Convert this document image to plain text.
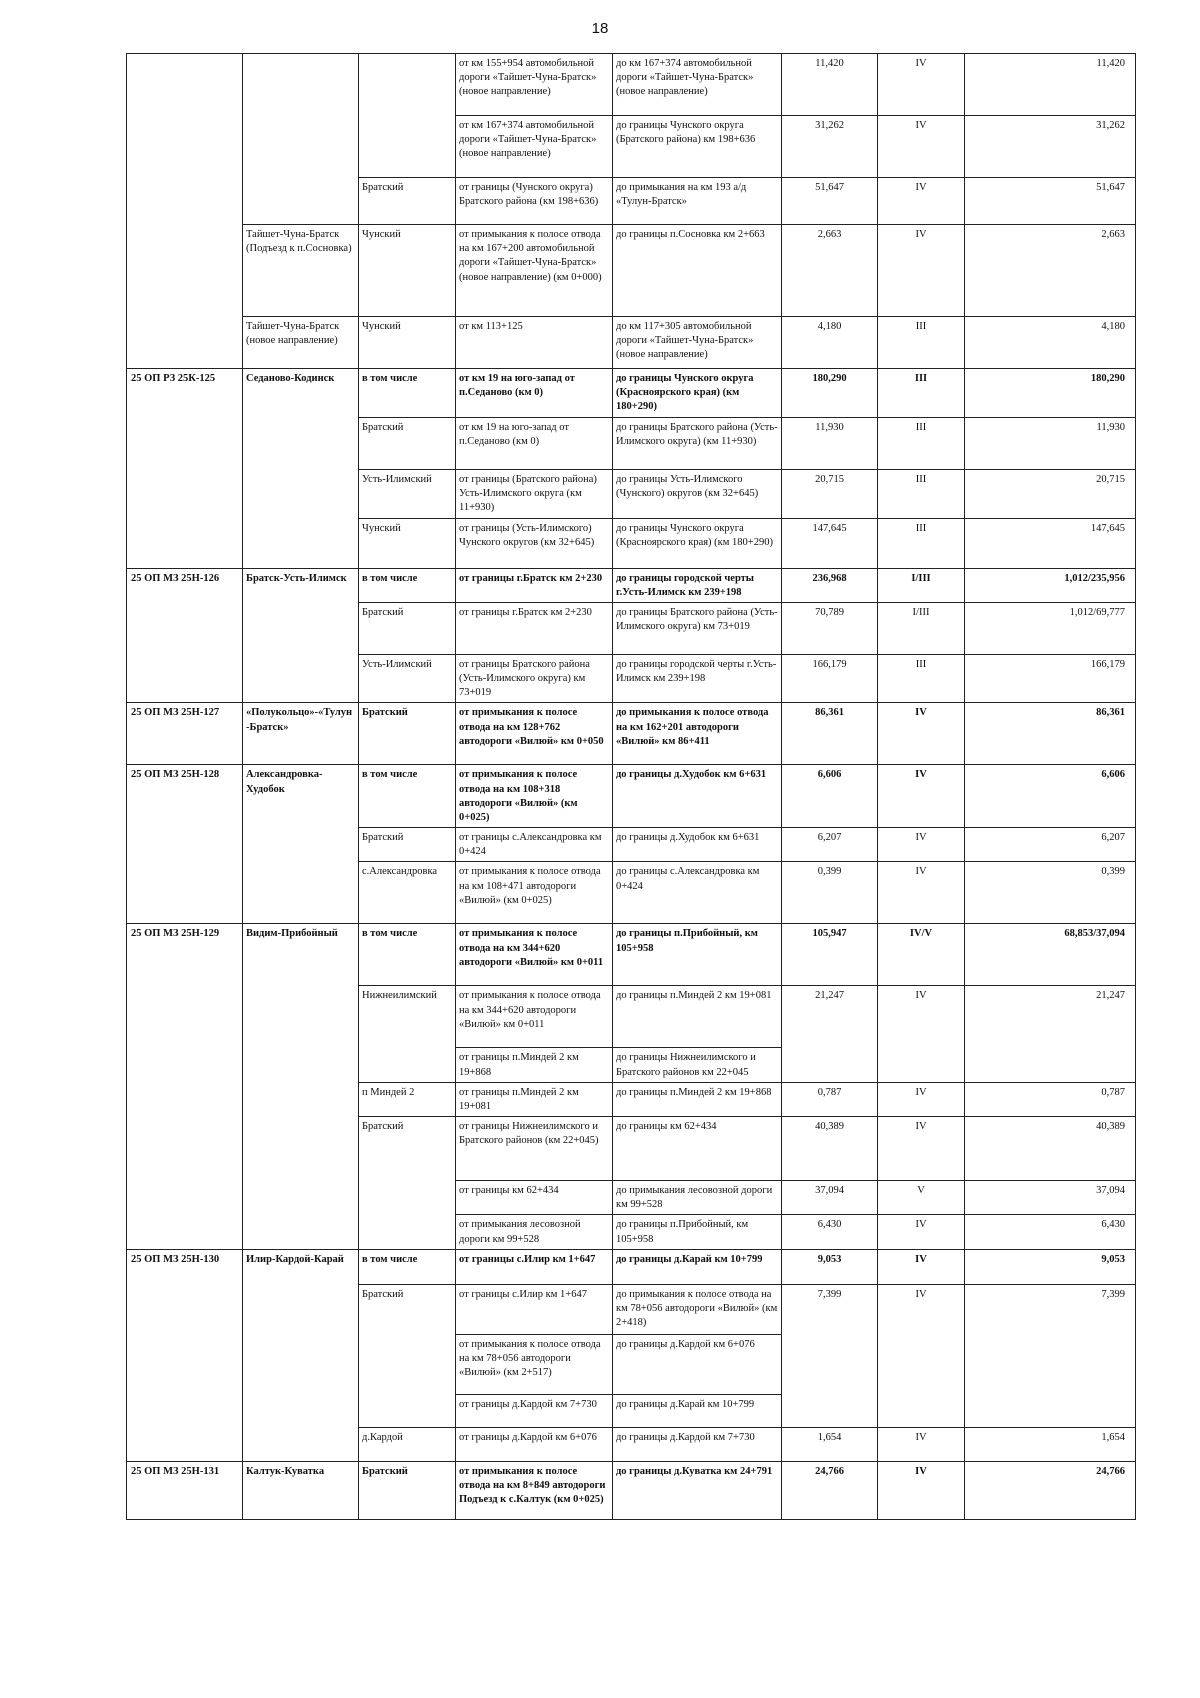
18
			от км 155+954 автомобильной дороги «Тайшет-Чуна-Братск» (новое направление)	до км 167+374 автомобильной дороги «Тайшет-Чуна-Братск» (новое направление)	11,420	IV	11,420
			от км 167+374 автомобильной дороги «Тайшет-Чуна-Братск» (новое направление)	до границы Чунского округа (Братского района) км 198+636	31,262	IV	31,262
		Братский	от границы (Чунского округа) Братского района (км 198+636)	до примыкания на км 193 а/д «Тулун-Братск»	51,647	IV	51,647
	Тайшет-Чуна-Братск (Подъезд к п.Сосновка)	Чунский	от примыкания к полосе отвода на км 167+200 автомобильной дороги «Тайшет-Чуна-Братск» (новое направление) (км 0+000)	до границы п.Сосновка км 2+663	2,663	IV	2,663
	Тайшет-Чуна-Братск (новое направление)	Чунский	от км 113+125	до км 117+305 автомобильной дороги «Тайшет-Чуна-Братск» (новое направление)	4,180	III	4,180
25 ОП РЗ 25К-125	Седаново-Кодинск	в том числе	от км 19 на юго-запад от п.Седаново (км 0)	до границы Чунского округа (Красноярского края) (км 180+290)	180,290	III	180,290
		Братский	от км 19 на юго-запад от п.Седаново (км 0)	до границы Братского района (Усть-Илимского округа) (км 11+930)	11,930	III	11,930
		Усть-Илимский	от границы (Братского района) Усть-Илимского округа (км 11+930)	до границы Усть-Илимского (Чунского) округов (км 32+645)	20,715	III	20,715
		Чунский	от границы (Усть-Илимского) Чунского округов (км 32+645)	до границы Чунского округа (Красноярского края) (км 180+290)	147,645	III	147,645
25 ОП МЗ 25Н-126	Братск-Усть-Илимск	в том числе	от границы г.Братск км 2+230	до границы городской черты г.Усть-Илимск км 239+198	236,968	I/III	1,012/235,956
		Братский	от границы г.Братск км 2+230	до границы Братского района (Усть-Илимского округа) км 73+019	70,789	I/III	1,012/69,777
		Усть-Илимский	от границы Братского района (Усть-Илимского округа) км 73+019	до границы городской черты г.Усть-Илимск км 239+198	166,179	III	166,179
25 ОП МЗ 25Н-127	«Полукольцо»-«Тулун-Братск»	Братский	от примыкания к полосе отвода на км 128+762 автодороги «Вилюй» км 0+050	до примыкания к полосе отвода на км 162+201 автодороги «Вилюй» км 86+411	86,361	IV	86,361
25 ОП МЗ 25Н-128	Александровка-Худобок	в том числе	от примыкания к полосе отвода на км 108+318 автодороги «Вилюй» (км 0+025)	до границы д.Худобок км 6+631	6,606	IV	6,606
		Братский	от границы с.Александровка км 0+424	до границы д.Худобок км 6+631	6,207	IV	6,207
		с.Александровка	от примыкания к полосе отвода на км 108+471 автодороги «Вилюй» (км 0+025)	до границы с.Александровка км 0+424	0,399	IV	0,399
25 ОП МЗ 25Н-129	Видим-Прибойный	в том числе	от примыкания к полосе отвода на км 344+620 автодороги «Вилюй» км 0+011	до границы п.Прибойный, км 105+958	105,947	IV/V	68,853/37,094
		Нижнеилимский	от примыкания к полосе отвода на км 344+620 автодороги «Вилюй» км 0+011	до границы п.Миндей 2 км 19+081	21,247	IV	21,247
			от границы п.Миндей 2 км 19+868	до границы Нижнеилимского и Братского районов км 22+045			
		п Миндей 2	от границы п.Миндей 2 км 19+081	до границы п.Миндей 2 км 19+868	0,787	IV	0,787
		Братский	от границы Нижнеилимского и Братского районов (км 22+045)	до границы км 62+434	40,389	IV	40,389
			от границы км 62+434	до примыкания лесовозной дороги км 99+528	37,094	V	37,094
			от примыкания лесовозной дороги км 99+528	до границы п.Прибойный, км 105+958	6,430	IV	6,430
25 ОП МЗ 25Н-130	Илир-Кардой-Карай	в том числе	от границы с.Илир км 1+647	до границы д.Карай км 10+799	9,053	IV	9,053
		Братский	от границы с.Илир км 1+647	до примыкания к полосе отвода на км 78+056 автодороги «Вилюй» (км 2+418)	7,399	IV	7,399
			от примыкания к полосе отвода на км 78+056 автодороги «Вилюй» (км 2+517)	до границы д.Кардой км 6+076			
			от границы д.Кардой км 7+730	до границы д.Карай км 10+799			
		д.Кардой	от границы д.Кардой км 6+076	до границы д.Кардой км 7+730	1,654	IV	1,654
25 ОП МЗ 25Н-131	Калтук-Куватка	Братский	от примыкания к полосе отвода на км 8+849 автодороги Подъезд к с.Калтук (км 0+025)	до границы д.Куватка км 24+791	24,766	IV	24,766
